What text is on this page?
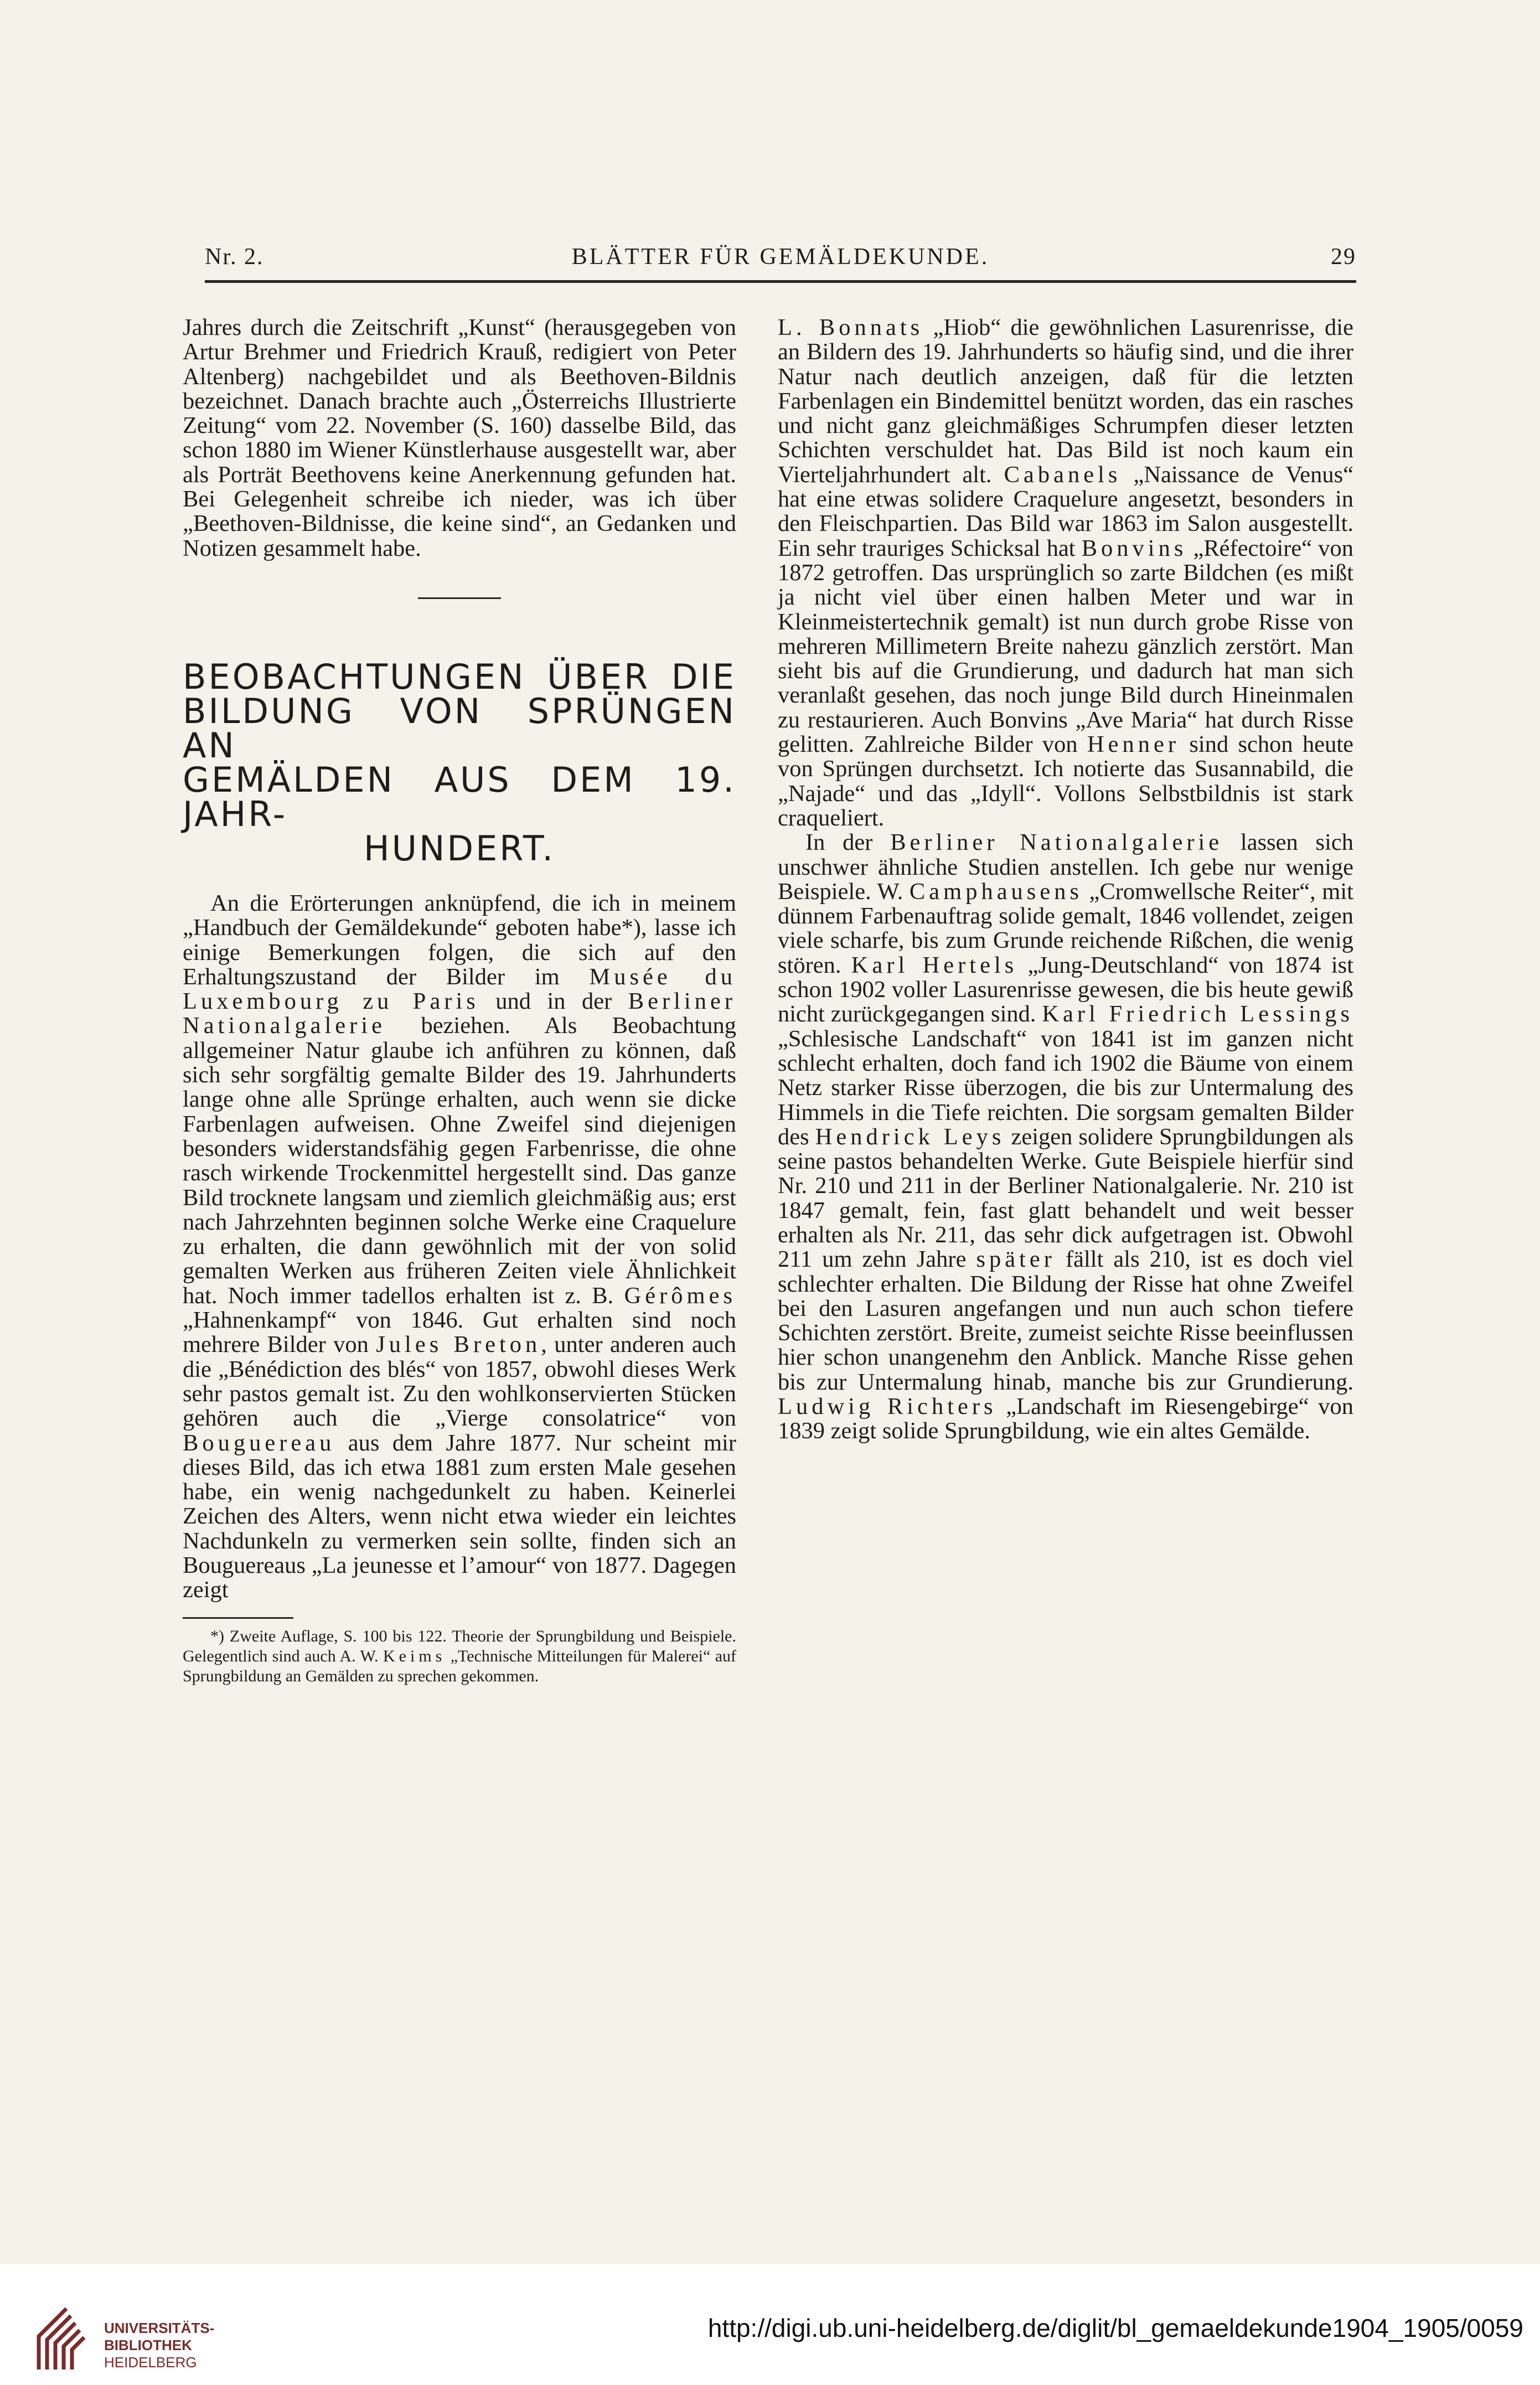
Nr. 2.	BLÄTTER FÜR GEMÄLDEKUNDE.	29

Jahres durch die Zeitschrift „Kunst“ (herausgegeben von Artur Brehmer und Friedrich Krauß, redigiert von Peter Altenberg) nachgebildet und als Beethoven-Bildnis bezeichnet. Danach brachte auch „Österreichs Illustrierte Zeitung“ vom 22. November (S. 160) dasselbe Bild, das schon 1880 im Wiener Künstlerhause ausgestellt war, aber als Porträt Beethovens keine Anerkennung gefunden hat. Bei Gelegenheit schreibe ich nieder, was ich über „Beethoven-Bildnisse, die keine sind“, an Gedanken und Notizen gesammelt habe.

BEOBACHTUNGEN ÜBER DIE
BILDUNG VON SPRÜNGEN AN
GEMÄLDEN AUS DEM 19. JAHR-
HUNDERT.

An die Erörterungen anknüpfend, die ich in meinem „Handbuch der Gemäldekunde“ geboten habe*), lasse ich einige Bemerkungen folgen, die sich auf den Erhaltungszustand der Bilder im Musée du Luxembourg zu Paris und in der Berliner Nationalgalerie beziehen. Als Beobachtung allgemeiner Natur glaube ich anführen zu können, daß sich sehr sorgfältig gemalte Bilder des 19. Jahrhunderts lange ohne alle Sprünge erhalten, auch wenn sie dicke Farbenlagen aufweisen. Ohne Zweifel sind diejenigen besonders widerstandsfähig gegen Farbenrisse, die ohne rasch wirkende Trockenmittel hergestellt sind. Das ganze Bild trocknete langsam und ziemlich gleichmäßig aus; erst nach Jahrzehnten beginnen solche Werke eine Craquelure zu erhalten, die dann gewöhnlich mit der von solid gemalten Werken aus früheren Zeiten viele Ähnlichkeit hat. Noch immer tadellos erhalten ist z. B. Gérômes „Hahnenkampf“ von 1846. Gut erhalten sind noch mehrere Bilder von Jules Breton, unter anderen auch die „Bénédiction des blés“ von 1857, obwohl dieses Werk sehr pastos gemalt ist. Zu den wohlkonservierten Stücken gehören auch die „Vierge consolatrice“ von Bouguereau aus dem Jahre 1877. Nur scheint mir dieses Bild, das ich etwa 1881 zum ersten Male gesehen habe, ein wenig nachgedunkelt zu haben. Keinerlei Zeichen des Alters, wenn nicht etwa wieder ein leichtes Nachdunkeln zu vermerken sein sollte, finden sich an Bouguereaus „La jeunesse et l’amour“ von 1877. Dagegen zeigt

*) Zweite Auflage, S. 100 bis 122. Theorie der Sprungbildung und Beispiele. Gelegentlich sind auch A. W. Keims „Technische Mitteilungen für Malerei“ auf Sprungbildung an Gemälden zu sprechen gekommen.

L. Bonnats „Hiob“ die gewöhnlichen Lasurenrisse, die an Bildern des 19. Jahrhunderts so häufig sind, und die ihrer Natur nach deutlich anzeigen, daß für die letzten Farbenlagen ein Bindemittel benützt worden, das ein rasches und nicht ganz gleichmäßiges Schrumpfen dieser letzten Schichten verschuldet hat. Das Bild ist noch kaum ein Vierteljahrhundert alt. Cabanels „Naissance de Venus“ hat eine etwas solidere Craquelure angesetzt, besonders in den Fleischpartien. Das Bild war 1863 im Salon ausgestellt. Ein sehr trauriges Schicksal hat Bonvins „Réfectoire“ von 1872 getroffen. Das ursprünglich so zarte Bildchen (es mißt ja nicht viel über einen halben Meter und war in Kleinmeistertechnik gemalt) ist nun durch grobe Risse von mehreren Millimetern Breite nahezu gänzlich zerstört. Man sieht bis auf die Grundierung, und dadurch hat man sich veranlaßt gesehen, das noch junge Bild durch Hineinmalen zu restaurieren. Auch Bonvins „Ave Maria“ hat durch Risse gelitten. Zahlreiche Bilder von Henner sind schon heute von Sprüngen durchsetzt. Ich notierte das Susannabild, die „Najade“ und das „Idyll“. Vollons Selbstbildnis ist stark craqueliert.

In der Berliner Nationalgalerie lassen sich unschwer ähnliche Studien anstellen. Ich gebe nur wenige Beispiele. W. Camphausens „Cromwellsche Reiter“, mit dünnem Farbenauftrag solide gemalt, 1846 vollendet, zeigen viele scharfe, bis zum Grunde reichende Rißchen, die wenig stören. Karl Hertels „Jung-Deutschland“ von 1874 ist schon 1902 voller Lasurenrisse gewesen, die bis heute gewiß nicht zurückgegangen sind. Karl Friedrich Lessings „Schlesische Landschaft“ von 1841 ist im ganzen nicht schlecht erhalten, doch fand ich 1902 die Bäume von einem Netz starker Risse überzogen, die bis zur Untermalung des Himmels in die Tiefe reichten. Die sorgsam gemalten Bilder des Hendrick Leys zeigen solidere Sprungbildungen als seine pastos behandelten Werke. Gute Beispiele hierfür sind Nr. 210 und 211 in der Berliner Nationalgalerie. Nr. 210 ist 1847 gemalt, fein, fast glatt behandelt und weit besser erhalten als Nr. 211, das sehr dick aufgetragen ist. Obwohl 211 um zehn Jahre später fällt als 210, ist es doch viel schlechter erhalten. Die Bildung der Risse hat ohne Zweifel bei den Lasuren angefangen und nun auch schon tiefere Schichten zerstört. Breite, zumeist seichte Risse beeinflussen hier schon unangenehm den Anblick. Manche Risse gehen bis zur Untermalung hinab, manche bis zur Grundierung. Ludwig Richters „Landschaft im Riesengebirge“ von 1839 zeigt solide Sprungbildung, wie ein altes Gemälde.

UNIVERSITÄTS-
BIBLIOTHEK
HEIDELBERG
http://digi.ub.uni-heidelberg.de/diglit/bl_gemaeldekunde1904_1905/0059
